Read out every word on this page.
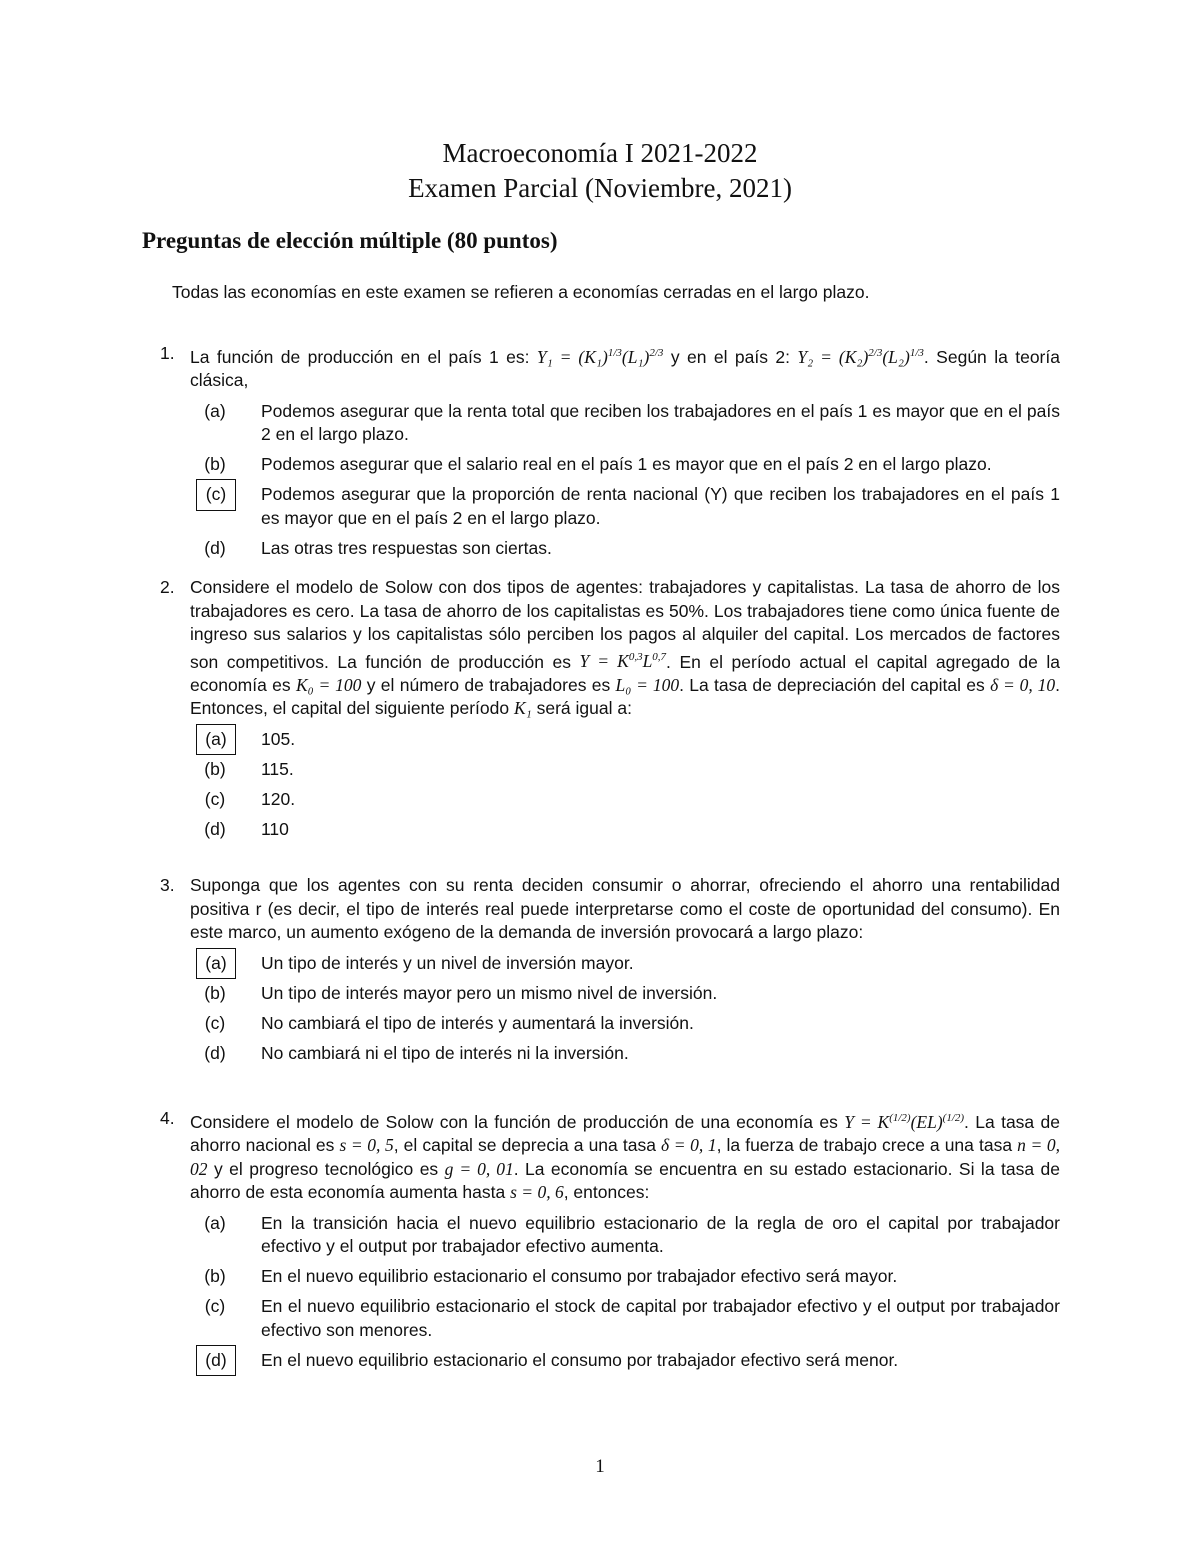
Macroeconomía I 2021-2022
Examen Parcial (Noviembre, 2021)
Preguntas de elección múltiple (80 puntos)
Todas las economías en este examen se refieren a economías cerradas en el largo plazo.
1. La función de producción en el país 1 es: $Y_1 = (K_1)^{1/3}(L_1)^{2/3}$ y en el país 2: $Y_2 = (K_2)^{2/3}(L_2)^{1/3}$. Según la teoría clásica,
(a)	Podemos asegurar que la renta total que reciben los trabajadores en el país 1 es mayor que en el país 2 en el largo plazo.
(b)	Podemos asegurar que el salario real en el país 1 es mayor que en el país 2 en el largo plazo.
(c)	Podemos asegurar que la proporción de renta nacional (Y) que reciben los trabajadores en el país 1 es mayor que en el país 2 en el largo plazo.
(d)	Las otras tres respuestas son ciertas.
2. Considere el modelo de Solow con dos tipos de agentes: trabajadores y capitalistas. La tasa de ahorro de los trabajadores es cero. La tasa de ahorro de los capitalistas es 50%. Los trabajadores tiene como única fuente de ingreso sus salarios y los capitalistas sólo perciben los pagos al alquiler del capital. Los mercados de factores son competitivos. La función de producción es $Y = K^{0,3}L^{0,7}$. En el período actual el capital agregado de la economía es K₀ = 100 y el número de trabajadores es L₀ = 100. La tasa de depreciación del capital es δ = 0, 10. Entonces, el capital del siguiente período K₁ será igual a:
(a)	105.
(b)	115.
(c)	120.
(d)	110
3. Suponga que los agentes con su renta deciden consumir o ahorrar, ofreciendo el ahorro una rentabilidad positiva r (es decir, el tipo de interés real puede interpretarse como el coste de oportunidad del consumo). En este marco, un aumento exógeno de la demanda de inversión provocará a largo plazo:
(a)	Un tipo de interés y un nivel de inversión mayor.
(b)	Un tipo de interés mayor pero un mismo nivel de inversión.
(c)	No cambiará el tipo de interés y aumentará la inversión.
(d)	No cambiará ni el tipo de interés ni la inversión.
4. Considere el modelo de Solow con la función de producción de una economía es $Y = K^{(1/2)}(EL)^{(1/2)}$. La tasa de ahorro nacional es s = 0, 5, el capital se deprecia a una tasa δ = 0, 1, la fuerza de trabajo crece a una tasa n = 0, 02 y el progreso tecnológico es g = 0, 01. La economía se encuentra en su estado estacionario. Si la tasa de ahorro de esta economía aumenta hasta s = 0, 6, entonces:
(a)	En la transición hacia el nuevo equilibrio estacionario de la regla de oro el capital por trabajador efectivo y el output por trabajador efectivo aumenta.
(b)	En el nuevo equilibrio estacionario el consumo por trabajador efectivo será mayor.
(c)	En el nuevo equilibrio estacionario el stock de capital por trabajador efectivo y el output por trabajador efectivo son menores.
(d)	En el nuevo equilibrio estacionario el consumo por trabajador efectivo será menor.
1
